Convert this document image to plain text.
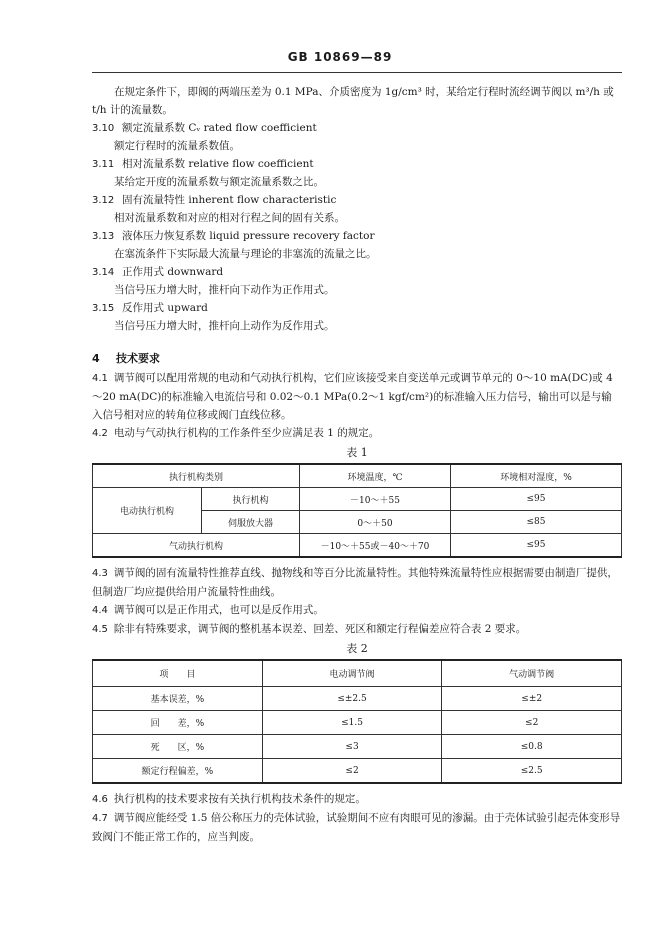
GB 10869—89

在规定条件下，即阀的两端压差为 0.1 MPa、介质密度为 1g/cm³ 时，某给定行程时流经调节阀以 m³/h 或 t/h 计的流量数。

3.10 额定流量系数 Cᵥ rated flow coefficient
额定行程时的流量系数值。
3.11 相对流量系数 relative flow coefficient
某给定开度的流量系数与额定流量系数之比。
3.12 固有流量特性 inherent flow characteristic
相对流量系数和对应的相对行程之间的固有关系。
3.13 液体压力恢复系数 liquid pressure recovery factor
在塞流条件下实际最大流量与理论的非塞流的流量之比。
3.14 正作用式 downward
当信号压力增大时，推杆向下动作为正作用式。
3.15 反作用式 upward
当信号压力增大时，推杆向上动作为反作用式。
4 技术要求

4.1 调节阀可以配用常规的电动和气动执行机构，它们应该接受来自变送单元或调节单元的 0～10 mA(DC)或 4～20 mA(DC)的标准输入电流信号和 0.02～0.1 MPa(0.2～1 kgf/cm²)的标准输入压力信号，输出可以是与输入信号相对应的转角位移或阀门直线位移。

4.2 电动与气动执行机构的工作条件至少应满足表 1 的规定。

表 1
执行机构类别		环境温度，℃	环境相对湿度，%
电动执行机构	执行机构	－10～＋55	≤95
	伺服放大器	0～＋50	≤85
气动执行机构		－10～＋55或－40～＋70	≤95

4.3 调节阀的固有流量特性推荐直线、抛物线和等百分比流量特性。其他特殊流量特性应根据需要由制造厂提供，但制造厂均应提供给用户流量特性曲线。

4.4 调节阀可以是正作用式，也可以是反作用式。

4.5 除非有特殊要求，调节阀的整机基本误差、回差、死区和额定行程偏差应符合表 2 要求。

表 2
项　　目	电动调节阀	气动调节阀
基本误差，%	≤±2.5	≤±2
回　　差，%	≤1.5	≤2
死　　区，%	≤3	≤0.8
额定行程偏差，%	≤2	≤2.5

4.6 执行机构的技术要求按有关执行机构技术条件的规定。

4.7 调节阀应能经受 1.5 倍公称压力的壳体试验，试验期间不应有肉眼可见的渗漏。由于壳体试验引起壳体变形导致阀门不能正常工作的，应当判废。
